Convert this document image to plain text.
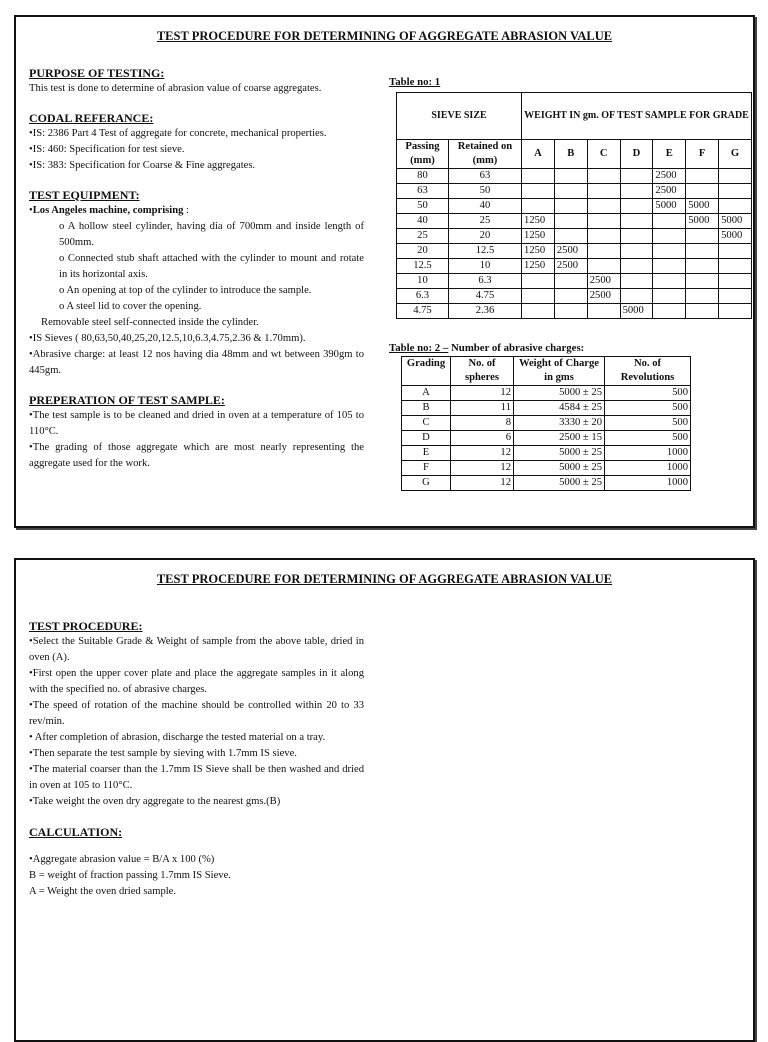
TEST PROCEDURE FOR DETERMINING OF AGGREGATE ABRASION VALUE

PURPOSE OF TESTING:

This test is done to determine of abrasion value of coarse aggregates.

CODAL REFERANCE:

• IS: 2386 Part 4 Test of aggregate for concrete, mechanical properties.

• IS: 460: Specification for test sieve.

• IS: 383: Specification for Coarse & Fine aggregates.

TEST EQUIPMENT:

• Los Angeles machine, comprising :

o A hollow steel cylinder, having dia of 700mm and inside length of 500mm.

o Connected stub shaft attached with the cylinder to mount and rotate in its horizontal axis.

o An opening at top of the cylinder to introduce the sample.

o A steel lid to cover the opening.

Removable steel self-connected inside the cylinder.

• IS Sieves ( 80,63,50,40,25,20,12.5,10,6.3,4.75,2.36 & 1.70mm).

• Abrasive charge: at least 12 nos having dia 48mm and wt between 390gm to 445gm.

PREPERATION OF TEST SAMPLE:

• The test sample is to be cleaned and dried in oven at a temperature of 105 to 110°C.

• The grading of those aggregate which are most nearly representing the aggregate used for the work.

Table no: 1
SIEVE SIZE		WEIGHT IN gm. OF TEST SAMPLE FOR GRADE						
Passing (mm)	Retained on (mm)	A	B	C	D	E	F	G
80	63					2500		
63	50					2500		
50	40					5000	5000	
40	25	1250					5000	5000
25	20	1250						5000
20	12.5	1250	2500					
12.5	10	1250	2500					
10	6.3			2500				
6.3	4.75			2500				
4.75	2.36				5000			
Table no: 2 – Number of abrasive charges:
Grading	No. of spheres	Weight of Charge in gms	No. of Revolutions
A	12	5000 ± 25	500
B	11	4584 ± 25	500
C	8	3330 ± 20	500
D	6	2500 ± 15	500
E	12	5000 ± 25	1000
F	12	5000 ± 25	1000
G	12	5000 ± 25	1000
TEST PROCEDURE FOR DETERMINING OF AGGREGATE ABRASION VALUE

TEST PROCEDURE:

• Select the Suitable Grade & Weight of sample from the above table, dried in oven (A).

• First open the upper cover plate and place the aggregate samples in it along with the specified no. of abrasive charges.

• The speed of rotation of the machine should be controlled within 20 to 33 rev/min.

• After completion of abrasion, discharge the tested material on a tray.

• Then separate the test sample by sieving with 1.7mm IS sieve.

• The material coarser than the 1.7mm IS Sieve shall be then washed and dried in oven at 105 to 110°C.

• Take weight the oven dry aggregate to the nearest gms.(B)

CALCULATION:

• Aggregate abrasion value = B/A x 100 (%)

B = weight of fraction passing 1.7mm IS Sieve.

A = Weight the oven dried sample.
